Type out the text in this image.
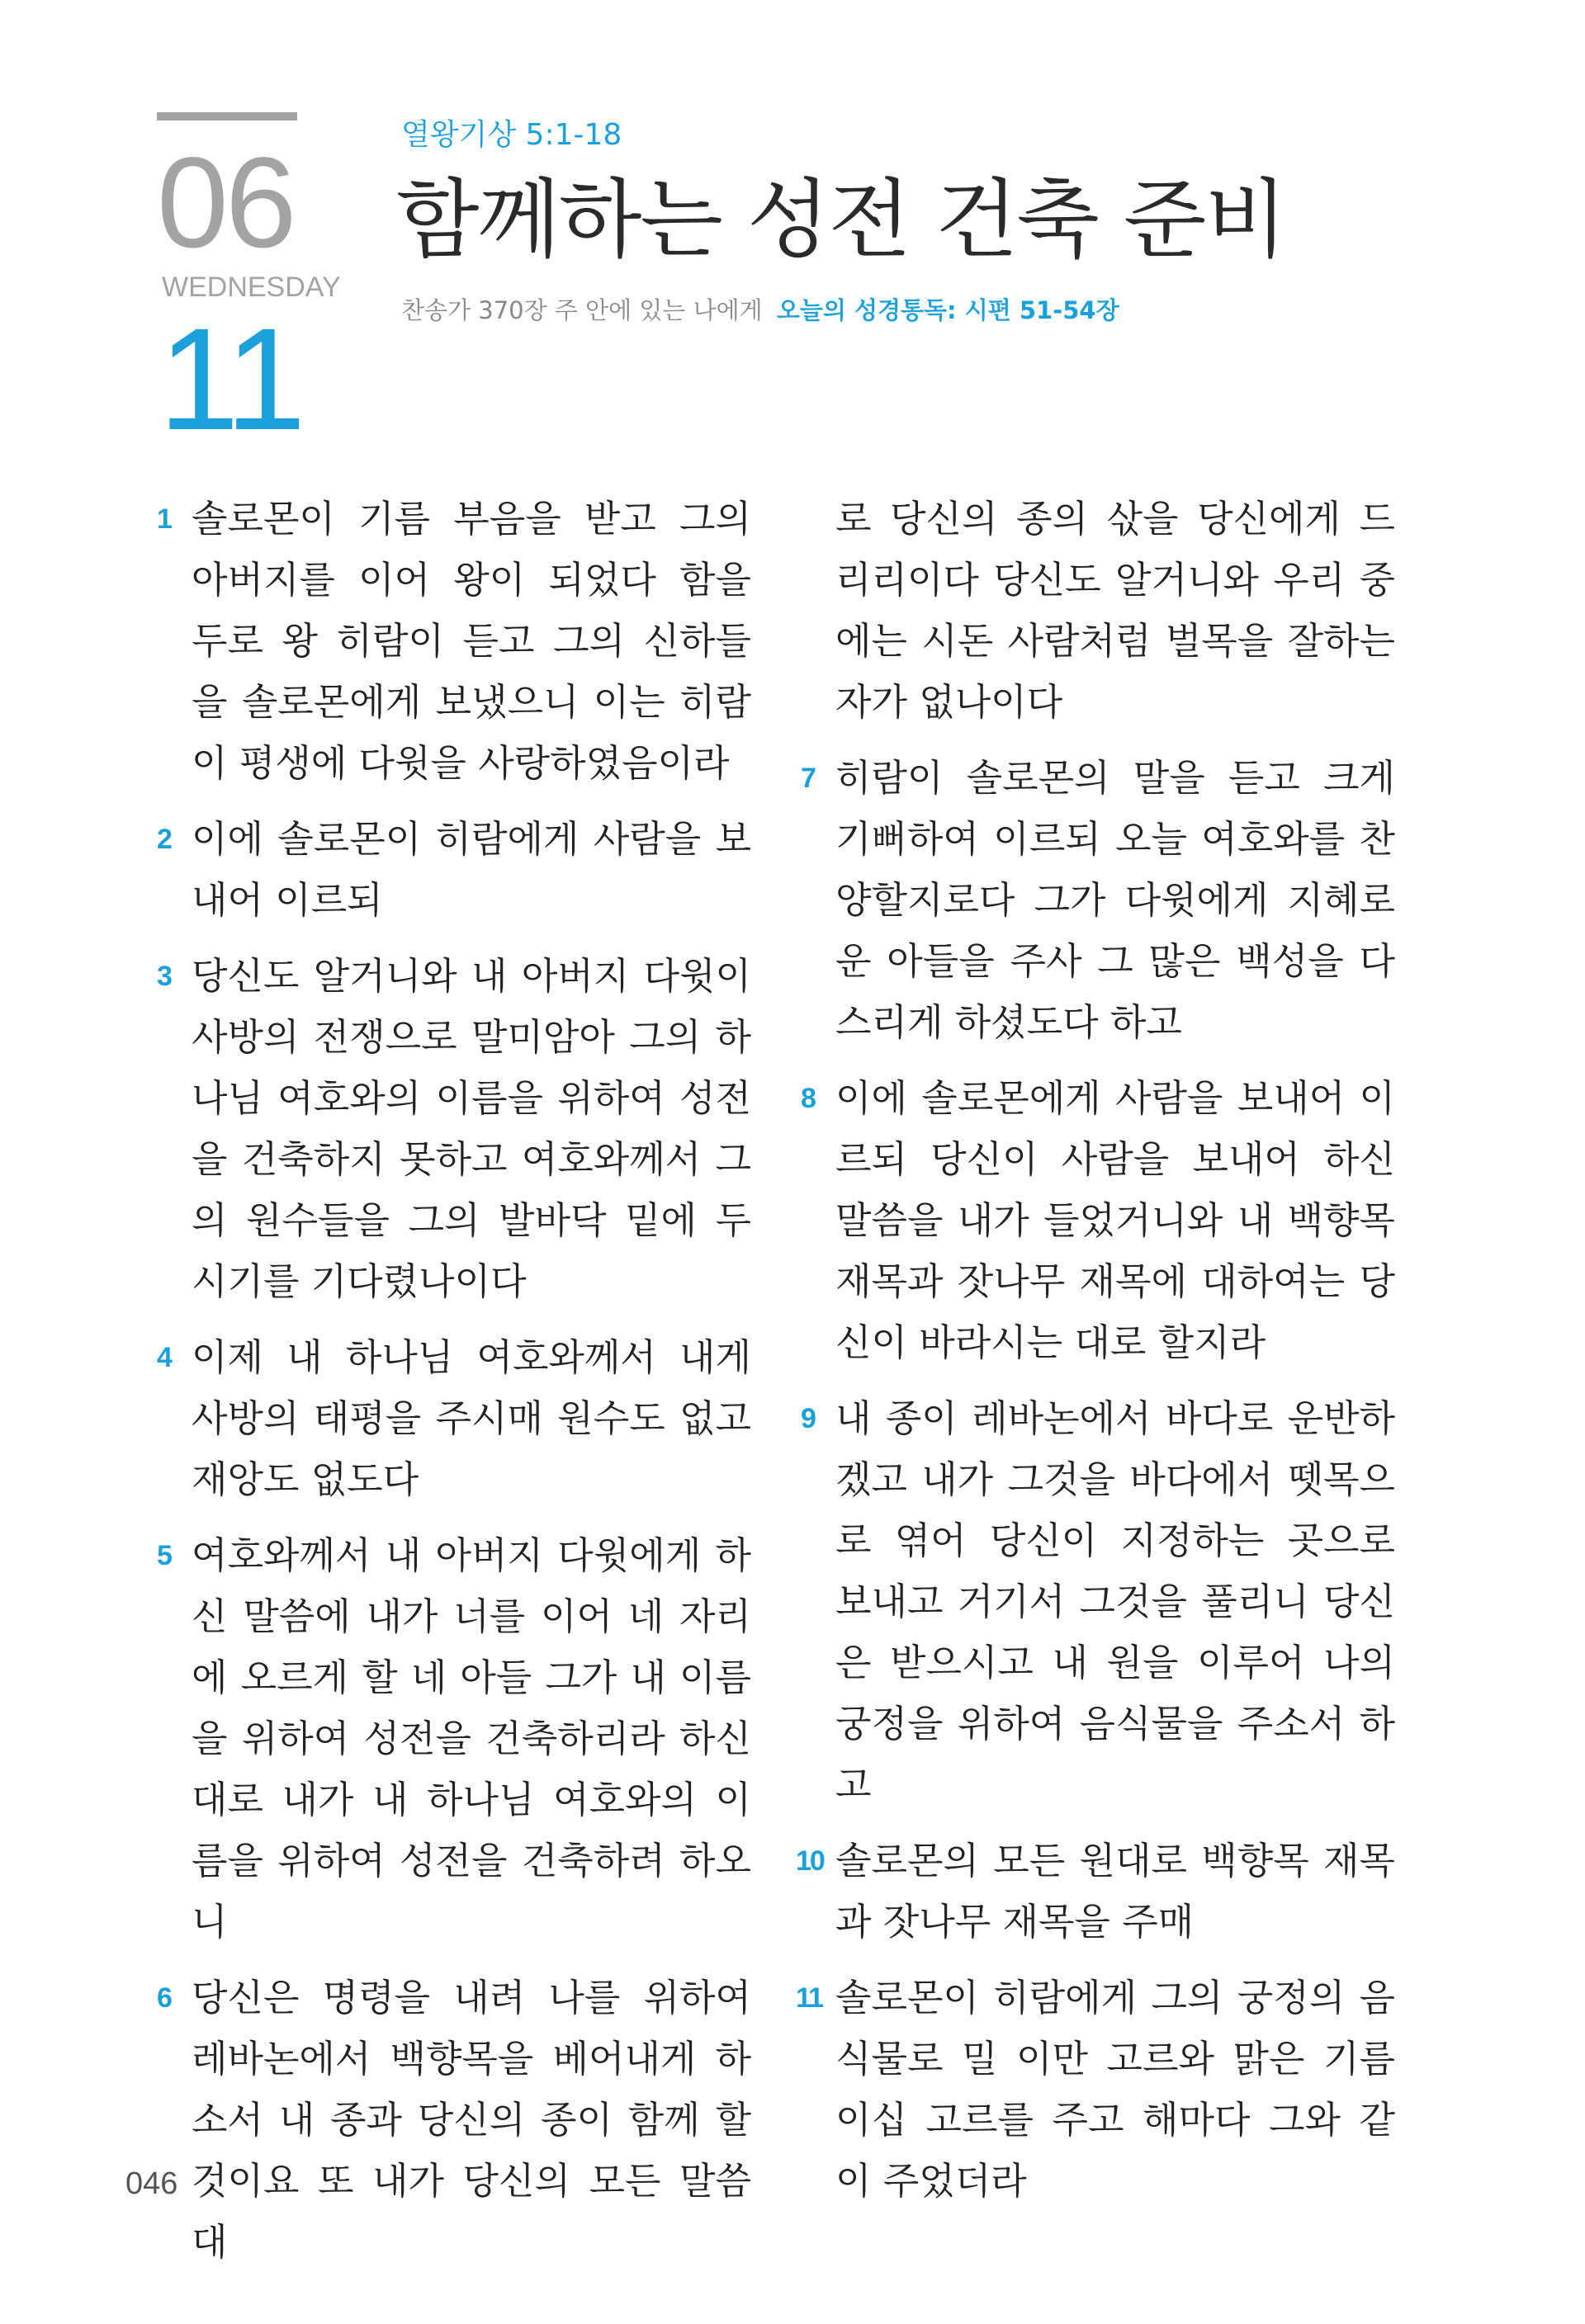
06
WEDNESDAY
11
열왕기상 5:1-18
함께하는 성전 건축 준비
찬송가 370장 주 안에 있는 나에게 오늘의 성경통독: 시편 51-54장
1 솔로몬이 기름 부음을 받고 그의 아버지를 이어 왕이 되었다 함을 두로 왕 히람이 듣고 그의 신하들을 솔로몬에게 보냈으니 이는 히람이 평생에 다윗을 사랑하였음이라
2 이에 솔로몬이 히람에게 사람을 보내어 이르되
3 당신도 알거니와 내 아버지 다윗이 사방의 전쟁으로 말미암아 그의 하나님 여호와의 이름을 위하여 성전을 건축하지 못하고 여호와께서 그의 원수들을 그의 발바닥 밑에 두시기를 기다렸나이다
4 이제 내 하나님 여호와께서 내게 사방의 태평을 주시매 원수도 없고 재앙도 없도다
5 여호와께서 내 아버지 다윗에게 하신 말씀에 내가 너를 이어 네 자리에 오르게 할 네 아들 그가 내 이름을 위하여 성전을 건축하리라 하신 대로 내가 내 하나님 여호와의 이름을 위하여 성전을 건축하려 하오니
6 당신은 명령을 내려 나를 위하여 레바논에서 백향목을 베어내게 하소서 내 종과 당신의 종이 함께 할 것이요 또 내가 당신의 모든 말씀대
로 당신의 종의 삯을 당신에게 드리리이다 당신도 알거니와 우리 중에는 시돈 사람처럼 벌목을 잘하는 자가 없나이다
7 히람이 솔로몬의 말을 듣고 크게 기뻐하여 이르되 오늘 여호와를 찬양할지로다 그가 다윗에게 지혜로운 아들을 주사 그 많은 백성을 다스리게 하셨도다 하고
8 이에 솔로몬에게 사람을 보내어 이르되 당신이 사람을 보내어 하신 말씀을 내가 들었거니와 내 백향목 재목과 잣나무 재목에 대하여는 당신이 바라시는 대로 할지라
9 내 종이 레바논에서 바다로 운반하겠고 내가 그것을 바다에서 뗏목으로 엮어 당신이 지정하는 곳으로 보내고 거기서 그것을 풀리니 당신은 받으시고 내 원을 이루어 나의 궁정을 위하여 음식물을 주소서 하고
10 솔로몬의 모든 원대로 백향목 재목과 잣나무 재목을 주매
11 솔로몬이 히람에게 그의 궁정의 음식물로 밀 이만 고르와 맑은 기름 이십 고르를 주고 해마다 그와 같이 주었더라
046
